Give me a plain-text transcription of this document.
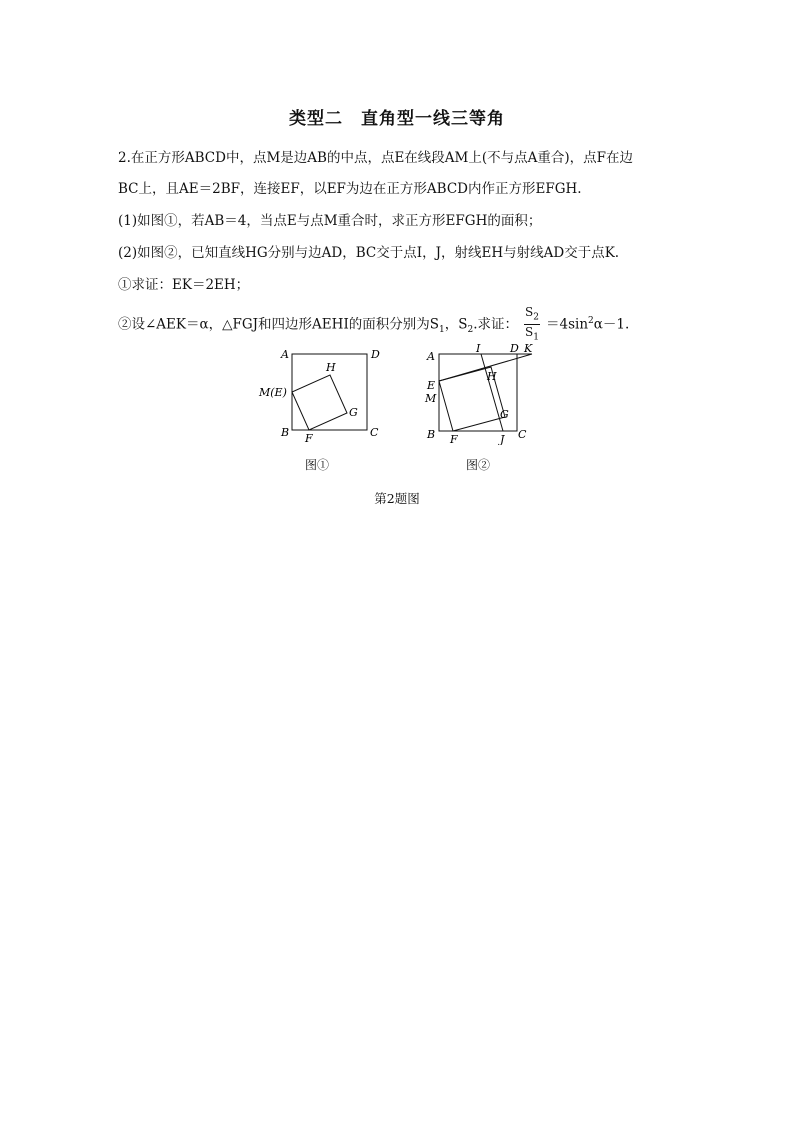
类型二　直角型一线三等角
2.在正方形ABCD中，点M是边AB的中点，点E在线段AM上(不与点A重合)，点F在边
BC上，且AE＝2BF，连接EF，以EF为边在正方形ABCD内作正方形EFGH.
(1)如图①，若AB＝4，当点E与点M重合时，求正方形EFGH的面积；
(2)如图②，已知直线HG分别与边AD，BC交于点I，J，射线EH与射线AD交于点K.
①求证：EK＝2EH；
②设∠AEK＝α，△FGJ和四边形AEHI的面积分别为$S_1$，$S_2$.求证： $\frac{S_2}{S_1} =4\sin^2\alpha-1$.
A	D
M(E)
H
G
B F	C
图①
A
I	D K
E
M
H
G
B F	J C
图②
第2题图
